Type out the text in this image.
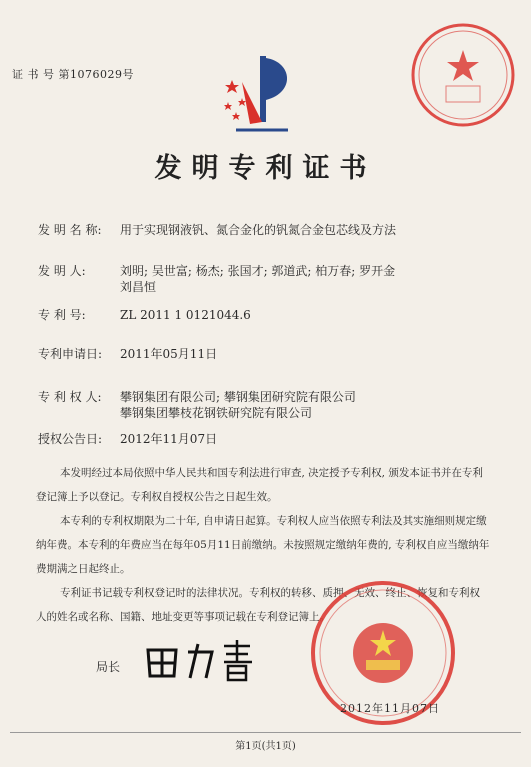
证 书 号 第1076029号
发明专利证书
发 明 名 称: 用于实现钢液钒、氮合金化的钒氮合金包芯线及方法
发 明 人:	刘明; 吴世富; 杨杰; 张国才; 郭道武; 柏万春; 罗开金
刘昌恒
专 利 号:	ZL 2011 1 0121044.6
专利申请日: 2011年05月11日
专 利 权 人: 攀钢集团有限公司; 攀钢集团研究院有限公司
攀钢集团攀枝花钢铁研究院有限公司
授权公告日: 2012年11月07日

本发明经过本局依照中华人民共和国专利法进行审查, 决定授予专利权, 颁发本证书并在专利登记簿上予以登记。专利权自授权公告之日起生效。

本专利的专利权期限为二十年, 自申请日起算。专利权人应当依照专利法及其实施细则规定缴纳年费。本专利的年费应当在每年05月11日前缴纳。未按照规定缴纳年费的, 专利权自应当缴纳年费期满之日起终止。

专利证书记载专利权登记时的法律状况。专利权的转移、质押、无效、终止、恢复和专利权人的姓名或名称、国籍、地址变更等事项记载在专利登记簿上。

局长
2012年11月07日
第1页(共1页)
